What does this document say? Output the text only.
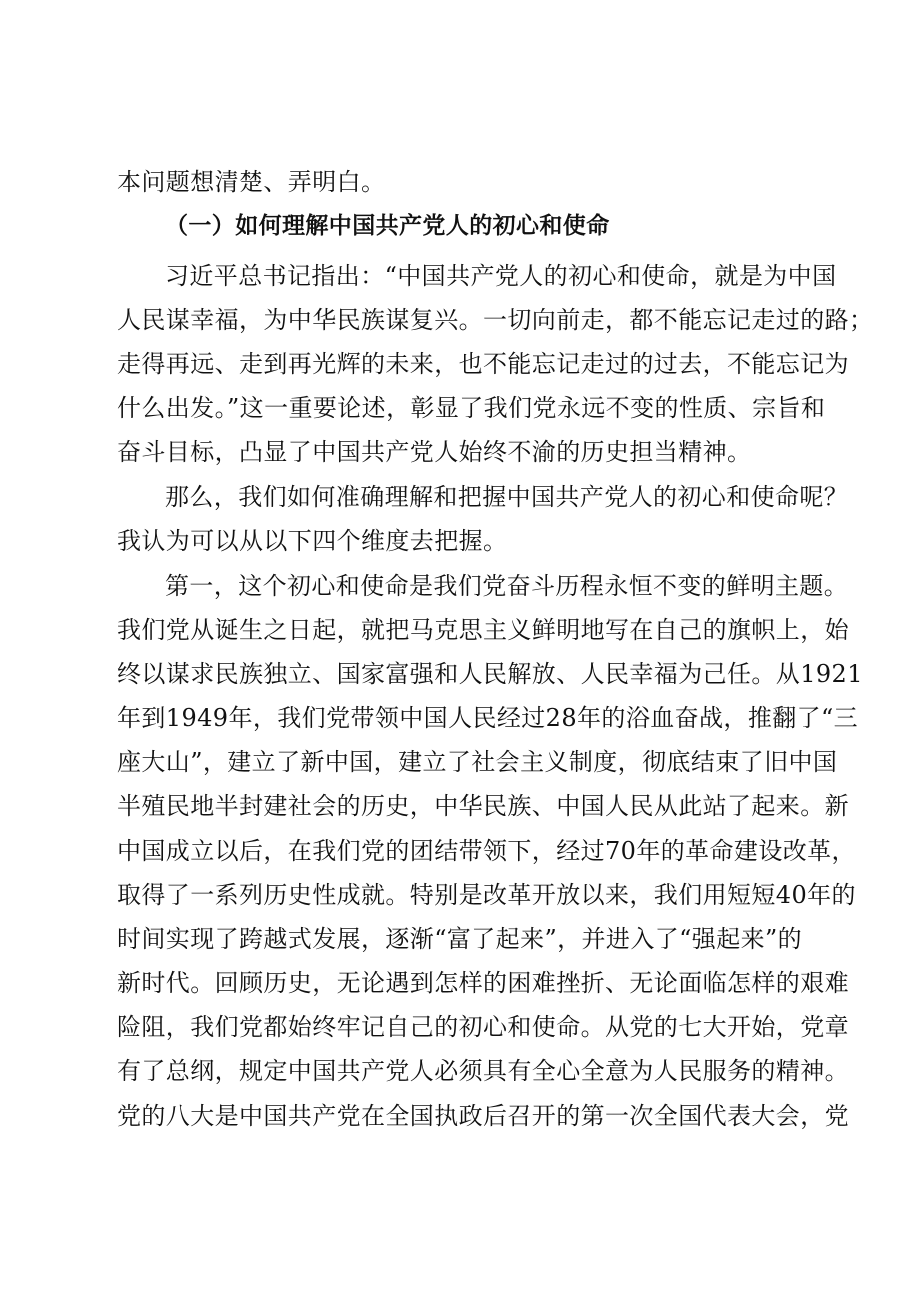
本问题想清楚、弄明白。
（一）如何理解中国共产党人的初心和使命
习近平总书记指出：“中国共产党人的初心和使命，就是为中国
人民谋幸福，为中华民族谋复兴。一切向前走，都不能忘记走过的路；
走得再远、走到再光辉的未来，也不能忘记走过的过去，不能忘记为
什么出发。”这一重要论述，彰显了我们党永远不变的性质、宗旨和
奋斗目标，凸显了中国共产党人始终不渝的历史担当精神。
那么，我们如何准确理解和把握中国共产党人的初心和使命呢？
我认为可以从以下四个维度去把握。
第一，这个初心和使命是我们党奋斗历程永恒不变的鲜明主题。
我们党从诞生之日起，就把马克思主义鲜明地写在自己的旗帜上，始
终以谋求民族独立、国家富强和人民解放、人民幸福为己任。从1921
年到1949年，我们党带领中国人民经过28年的浴血奋战，推翻了“三
座大山”，建立了新中国，建立了社会主义制度，彻底结束了旧中国
半殖民地半封建社会的历史，中华民族、中国人民从此站了起来。新
中国成立以后，在我们党的团结带领下，经过70年的革命建设改革，
取得了一系列历史性成就。特别是改革开放以来，我们用短短40年的
时间实现了跨越式发展，逐渐“富了起来”，并进入了“强起来”的
新时代。回顾历史，无论遇到怎样的困难挫折、无论面临怎样的艰难
险阻，我们党都始终牢记自己的初心和使命。从党的七大开始，党章
有了总纲，规定中国共产党人必须具有全心全意为人民服务的精神。
党的八大是中国共产党在全国执政后召开的第一次全国代表大会，党
